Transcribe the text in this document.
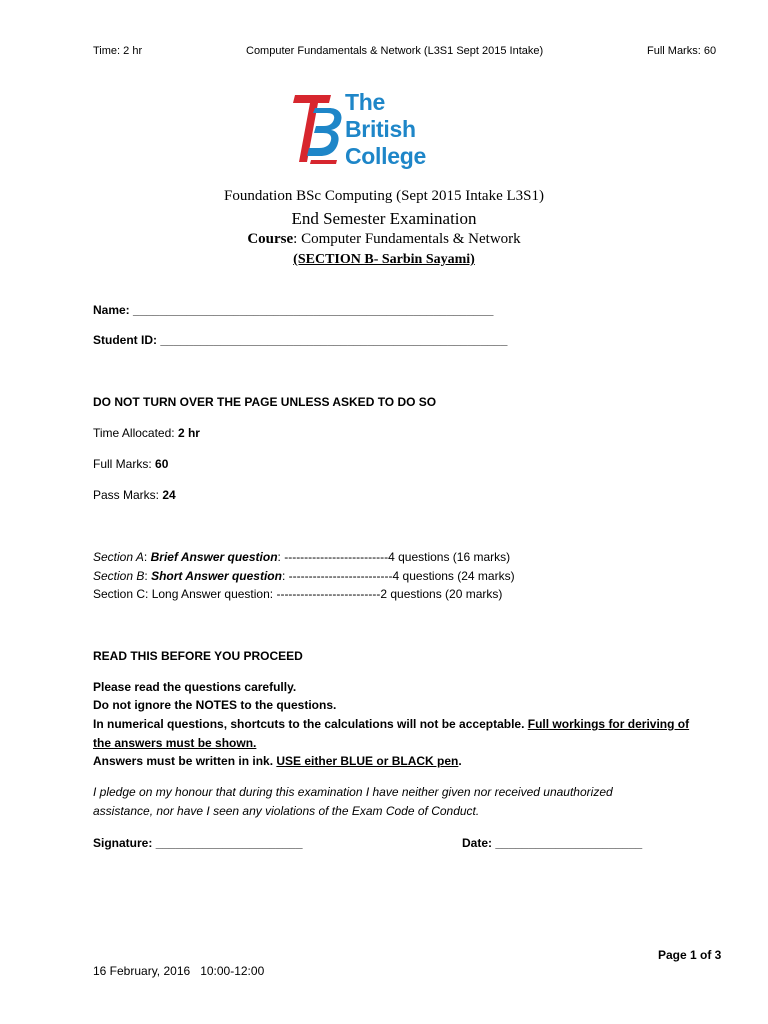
Time: 2 hr	Computer Fundamentals & Network (L3S1 Sept 2015 Intake)	Full Marks: 60
The
British
College
Foundation BSc Computing (Sept 2015 Intake L3S1)
End Semester Examination
Course: Computer Fundamentals & Network
(SECTION B- Sarbin Sayami)
Name: ______________________________________________________
Student ID: ____________________________________________________
DO NOT TURN OVER THE PAGE UNLESS ASKED TO DO SO
Time Allocated: 2 hr
Full Marks: 60
Pass Marks: 24
Section A: Brief Answer question: --------------------------4 questions (16 marks)
Section B: Short Answer question: --------------------------4 questions (24 marks)
Section C: Long Answer question: --------------------------2 questions (20 marks)
READ THIS BEFORE YOU PROCEED
Please read the questions carefully.
Do not ignore the NOTES to the questions.
In numerical questions, shortcuts to the calculations will not be acceptable. Full workings for deriving of
the answers must be shown.
Answers must be written in ink. USE either BLUE or BLACK pen.
I pledge on my honour that during this examination I have neither given nor received unauthorized
assistance, nor have I seen any violations of the Exam Code of Conduct.
Signature: ______________________	Date: ______________________
Page 1 of 3
16 February, 2016 10:00-12:00
